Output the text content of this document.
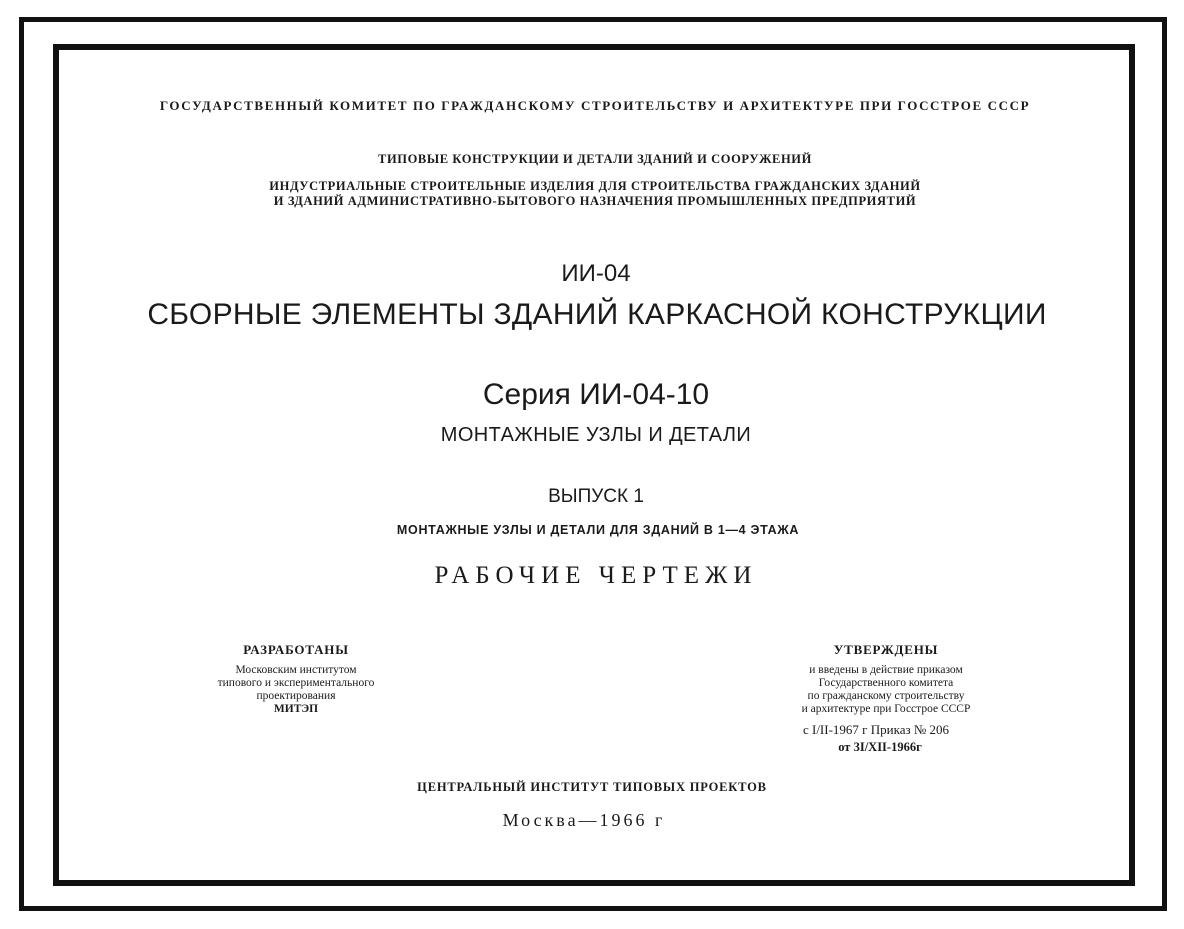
ГОСУДАРСТВЕННЫЙ КОМИТЕТ ПО ГРАЖДАНСКОМУ СТРОИТЕЛЬСТВУ И АРХИТЕКТУРЕ ПРИ ГОССТРОЕ СССР
ТИПОВЫЕ КОНСТРУКЦИИ И ДЕТАЛИ ЗДАНИЙ И СООРУЖЕНИЙ
ИНДУСТРИАЛЬНЫЕ СТРОИТЕЛЬНЫЕ ИЗДЕЛИЯ ДЛЯ СТРОИТЕЛЬСТВА ГРАЖДАНСКИХ ЗДАНИЙ
И ЗДАНИЙ АДМИНИСТРАТИВНО-БЫТОВОГО НАЗНАЧЕНИЯ ПРОМЫШЛЕННЫХ ПРЕДПРИЯТИЙ
ИИ-04
СБОРНЫЕ ЭЛЕМЕНТЫ ЗДАНИЙ КАРКАСНОЙ КОНСТРУКЦИИ
Серия ИИ-04-10
МОНТАЖНЫЕ УЗЛЫ И ДЕТАЛИ
ВЫПУСК 1
МОНТАЖНЫЕ УЗЛЫ И ДЕТАЛИ ДЛЯ ЗДАНИЙ В 1—4 ЭТАЖА
РАБОЧИЕ ЧЕРТЕЖИ
РАЗРАБОТАНЫ
Московским институтом
типового и экспериментального
проектирования
МИТЭП
УТВЕРЖДЕНЫ
и введены в действие приказом
Государственного комитета
по гражданскому строительству
и архитектуре при Госстрое СССР
с I/II-1967 г Приказ № 206
от 3I/XII-1966г
ЦЕНТРАЛЬНЫЙ ИНСТИТУТ ТИПОВЫХ ПРОЕКТОВ
Москва—1966 г
